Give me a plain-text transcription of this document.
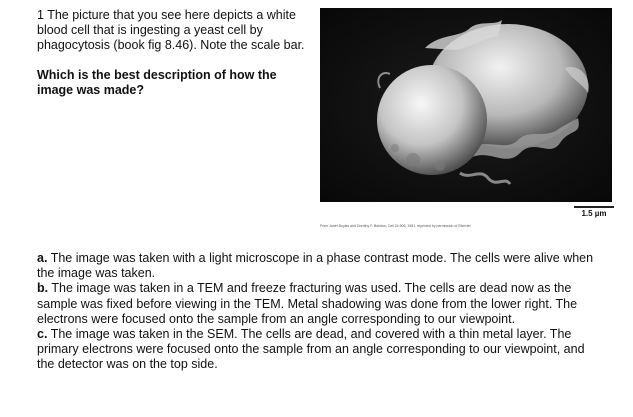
1 The picture that you see here depicts a white blood cell that is ingesting a yeast cell by phagocytosis (book fig 8.46). Note the scale bar.

Which is the best description of how the image was made?

1.5 µm
From Janet Boyles and Dorothy F. Bainton, Cell 24:906, 1981, reprinted by permission of Elsevier

a. The image was taken with a light microscope in a phase contrast mode. The cells were alive when the image was taken.

b. The image was taken in a TEM and freeze fracturing was used. The cells are dead now as the sample was fixed before viewing in the TEM. Metal shadowing was done from the lower right. The electrons were focused onto the sample from an angle corresponding to our viewpoint.

c. The image was taken in the SEM. The cells are dead, and covered with a thin metal layer. The primary electrons were focused onto the sample from an angle corresponding to our viewpoint, and the detector was on the top side.
